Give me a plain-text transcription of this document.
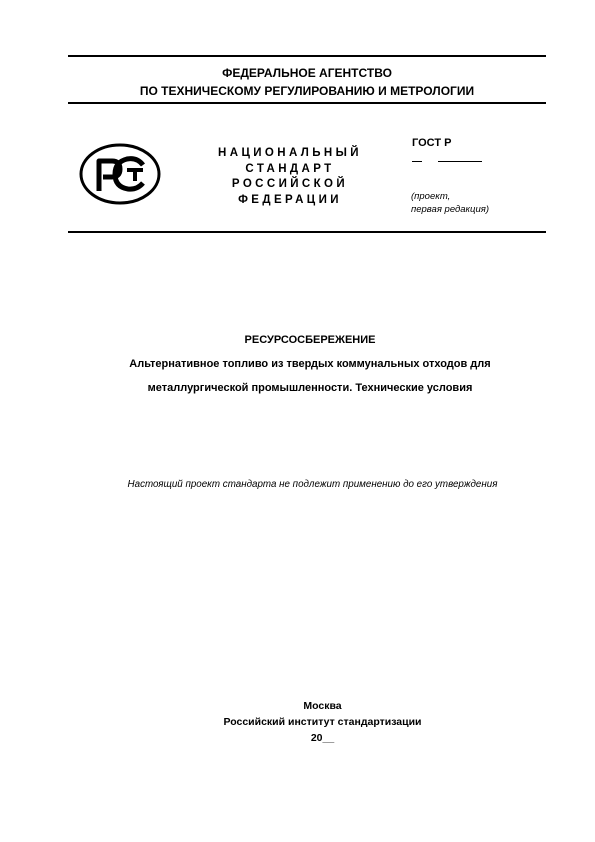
ФЕДЕРАЛЬНОЕ АГЕНТСТВО
ПО ТЕХНИЧЕСКОМУ РЕГУЛИРОВАНИЮ И МЕТРОЛОГИИ
НАЦИОНАЛЬНЫЙ
СТАНДАРТ
РОССИЙСКОЙ
ФЕДЕРАЦИИ
ГОСТ Р
(проект,
первая редакция)
РЕСУРСОСБЕРЕЖЕНИЕ
Альтернативное топливо из твердых коммунальных отходов для
металлургической промышленности. Технические условия
Настоящий проект стандарта не подлежит применению до его утверждения
Москва
Российский институт стандартизации
20__
